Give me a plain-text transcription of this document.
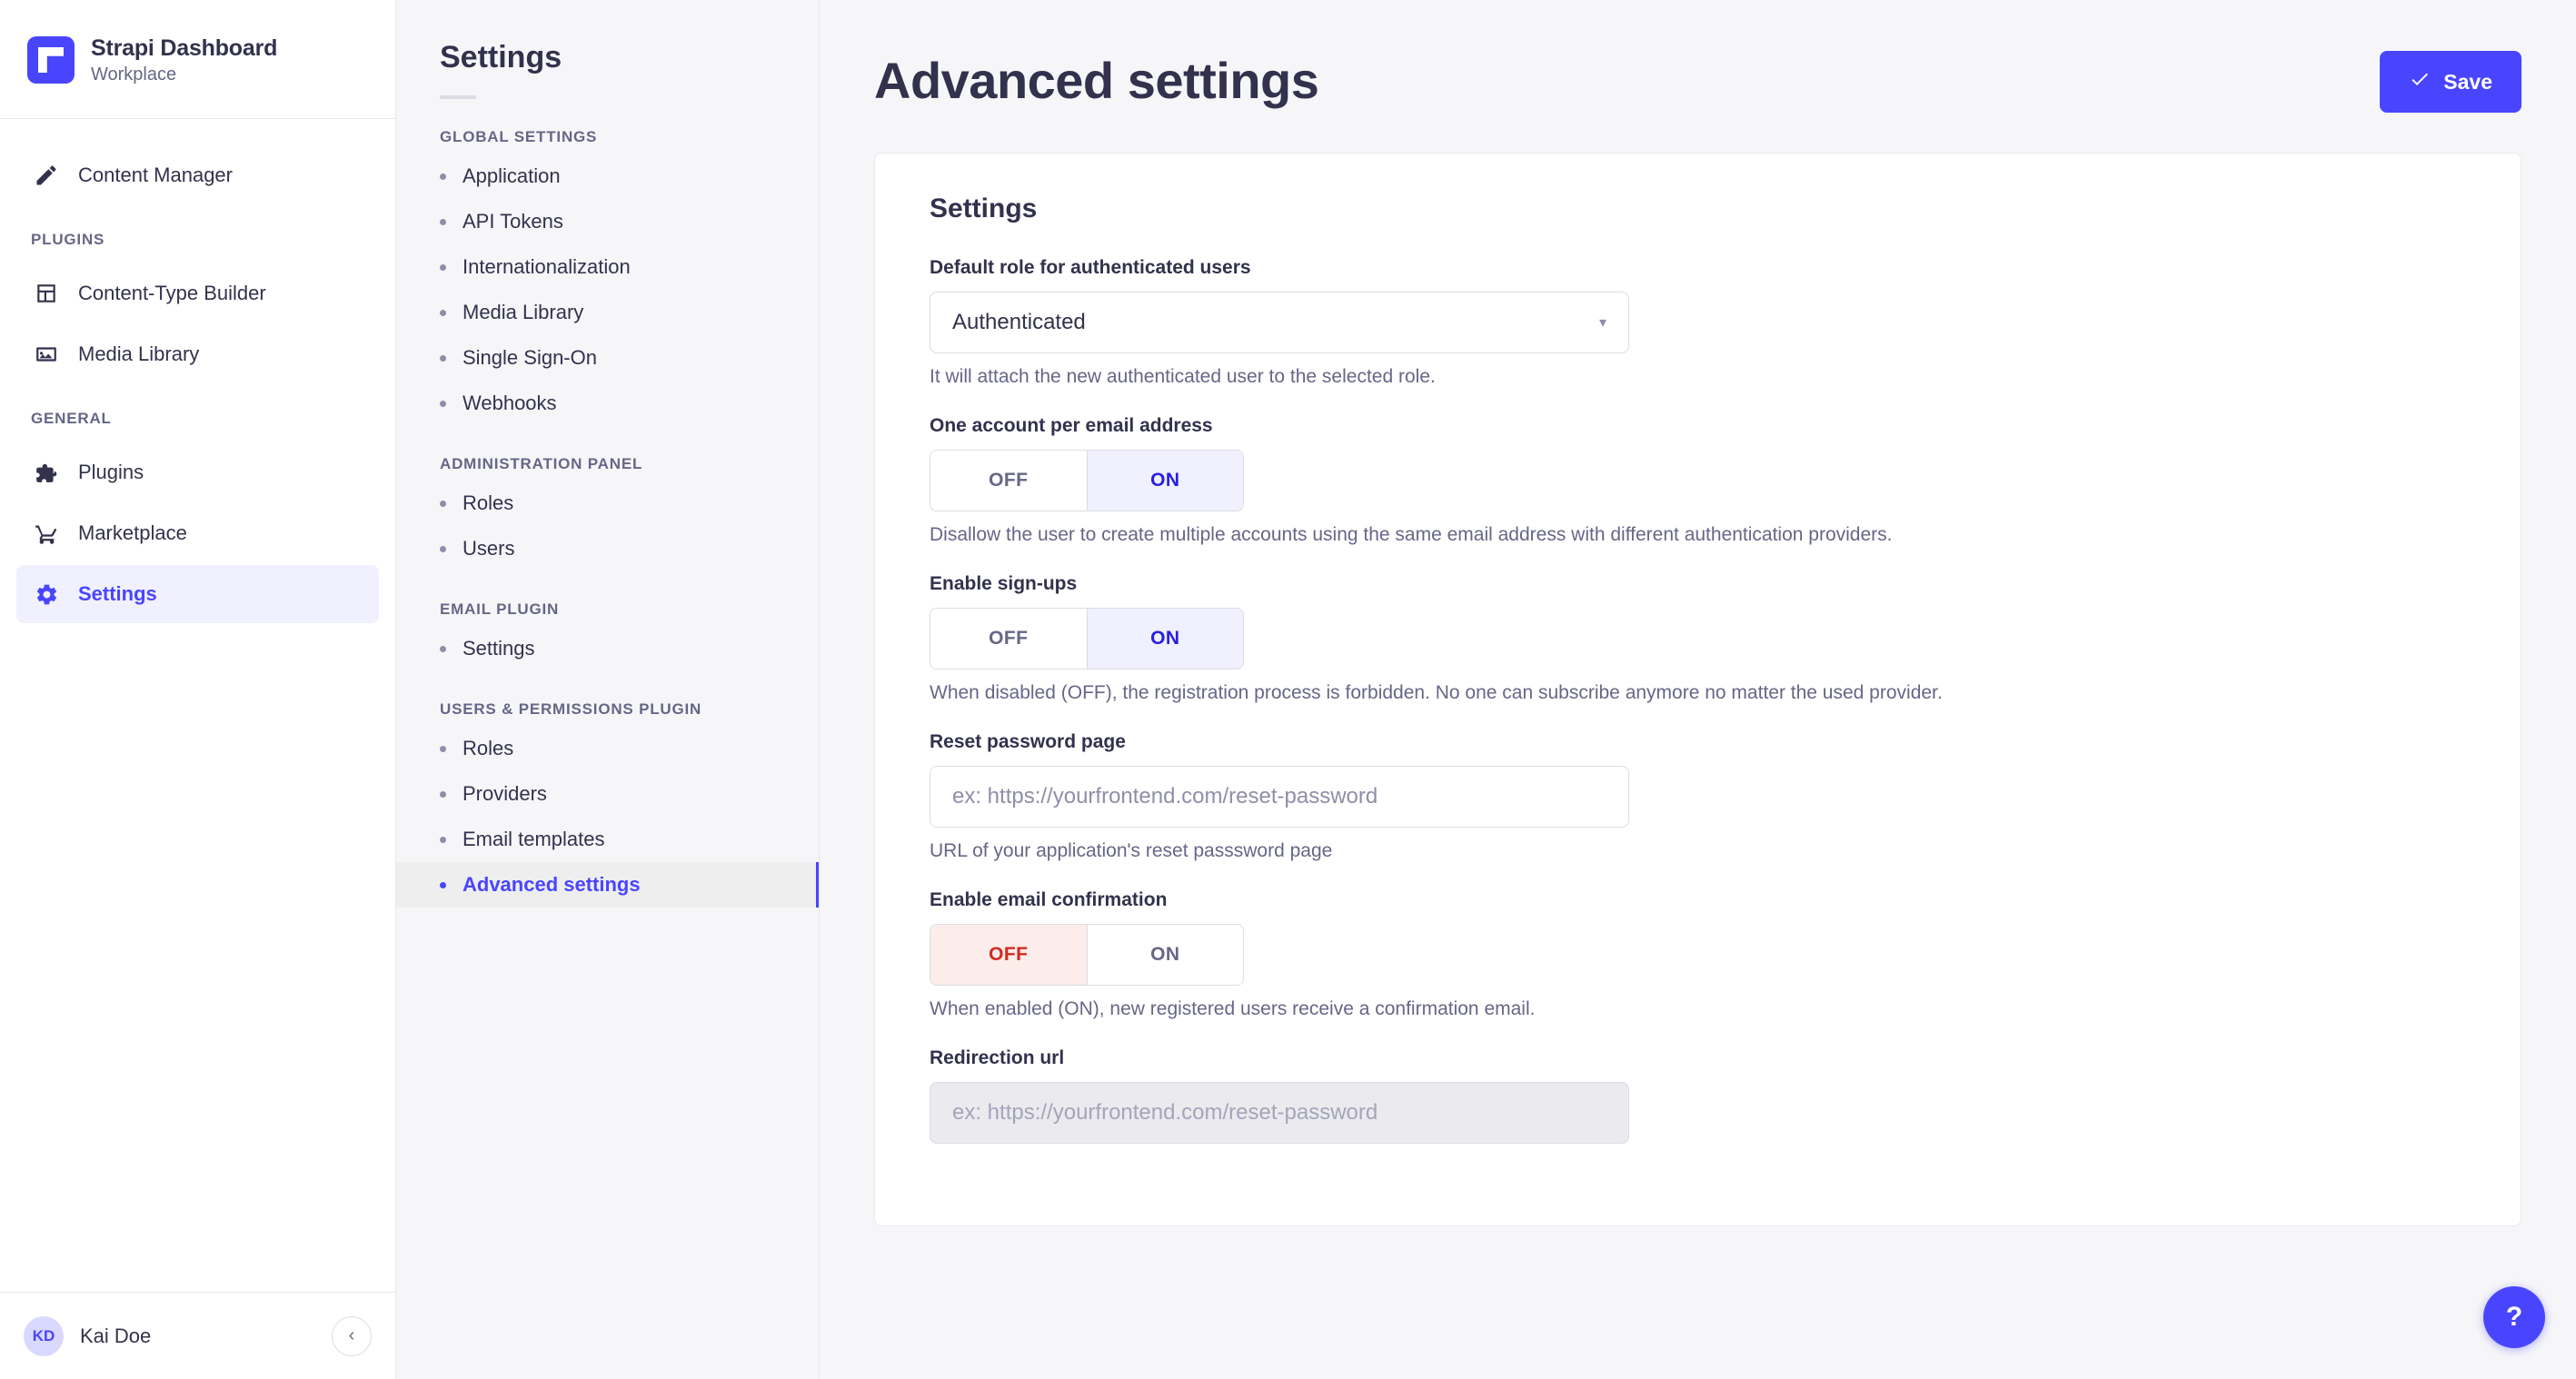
Strapi Dashboard
Workplace
Content Manager
PLUGINS
Content-Type Builder
Media Library
GENERAL
Plugins
Marketplace
Settings
KD	Kai Doe	‹
Settings
GLOBAL SETTINGS
Application
API Tokens
Internationalization
Media Library
Single Sign-On
Webhooks
ADMINISTRATION PANEL
Roles
Users
EMAIL PLUGIN
Settings
USERS & PERMISSIONS PLUGIN
Roles
Providers
Email templates
Advanced settings
Advanced settings	Save
Settings
Default role for authenticated users
Authenticated	▾
It will attach the new authenticated user to the selected role.
One account per email address
OFF	ON
Disallow the user to create multiple accounts using the same email address with different authentication providers.
Enable sign-ups
OFF	ON
When disabled (OFF), the registration process is forbidden. No one can subscribe anymore no matter the used provider.
Reset password page
ex: https://yourfrontend.com/reset-password
URL of your application's reset passsword page
Enable email confirmation
OFF	ON
When enabled (ON), new registered users receive a confirmation email.
Redirection url
ex: https://yourfrontend.com/reset-password
?
